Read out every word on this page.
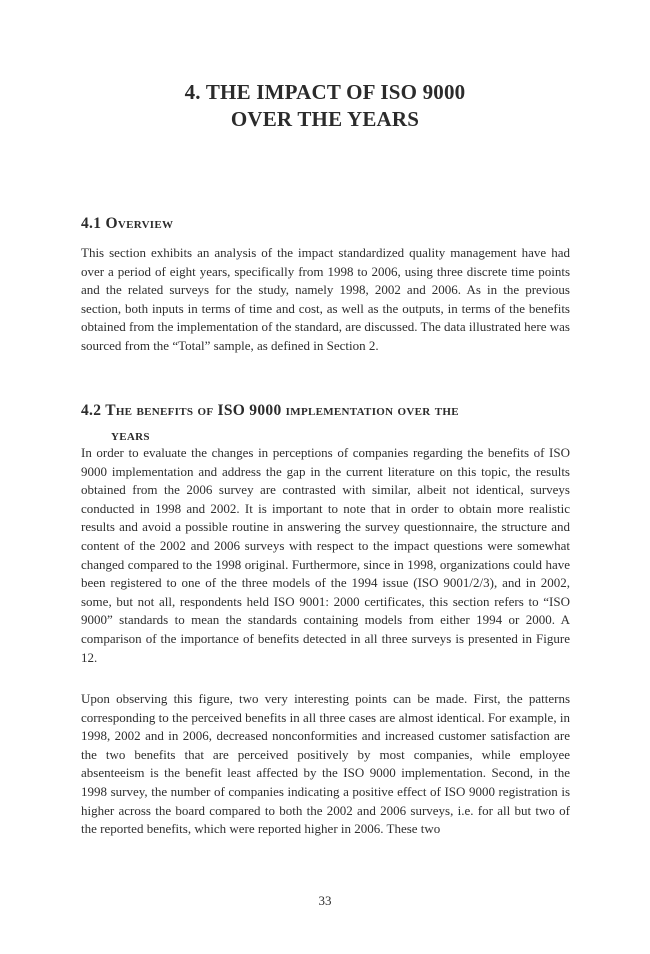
4. THE IMPACT OF ISO 9000
OVER THE YEARS
4.1 Overview

This section exhibits an analysis of the impact standardized quality management have had over a period of eight years, specifically from 1998 to 2006, using three discrete time points and the related surveys for the study, namely 1998, 2002 and 2006. As in the previous section, both inputs in terms of time and cost, as well as the outputs, in terms of the benefits obtained from the implementation of the standard, are discussed. The data illustrated here was sourced from the “Total” sample, as defined in Section 2.

4.2 The benefits of ISO 9000 implementation over the
years

In order to evaluate the changes in perceptions of companies regarding the benefits of ISO 9000 implementation and address the gap in the current literature on this topic, the results obtained from the 2006 survey are contrasted with similar, albeit not identical, surveys conducted in 1998 and 2002. It is important to note that in order to obtain more realistic results and avoid a possible routine in answering the survey questionnaire, the structure and content of the 2002 and 2006 surveys with respect to the impact questions were somewhat changed compared to the 1998 original. Furthermore, since in 1998, organizations could have been registered to one of the three models of the 1994 issue (ISO 9001/2/3), and in 2002, some, but not all, respondents held ISO 9001: 2000 certificates, this section refers to “ISO 9000” standards to mean the standards containing models from either 1994 or 2000. A comparison of the importance of benefits detected in all three surveys is presented in Figure 12.

Upon observing this figure, two very interesting points can be made. First, the patterns corresponding to the perceived benefits in all three cases are almost identical. For example, in 1998, 2002 and in 2006, decreased nonconformities and increased customer satisfaction are the two benefits that are perceived positively by most companies, while employee absenteeism is the benefit least affected by the ISO 9000 implementation. Second, in the 1998 survey, the number of companies indicating a positive effect of ISO 9000 registration is higher across the board compared to both the 2002 and 2006 surveys, i.e. for all but two of the reported benefits, which were reported higher in 2006. These two

33
